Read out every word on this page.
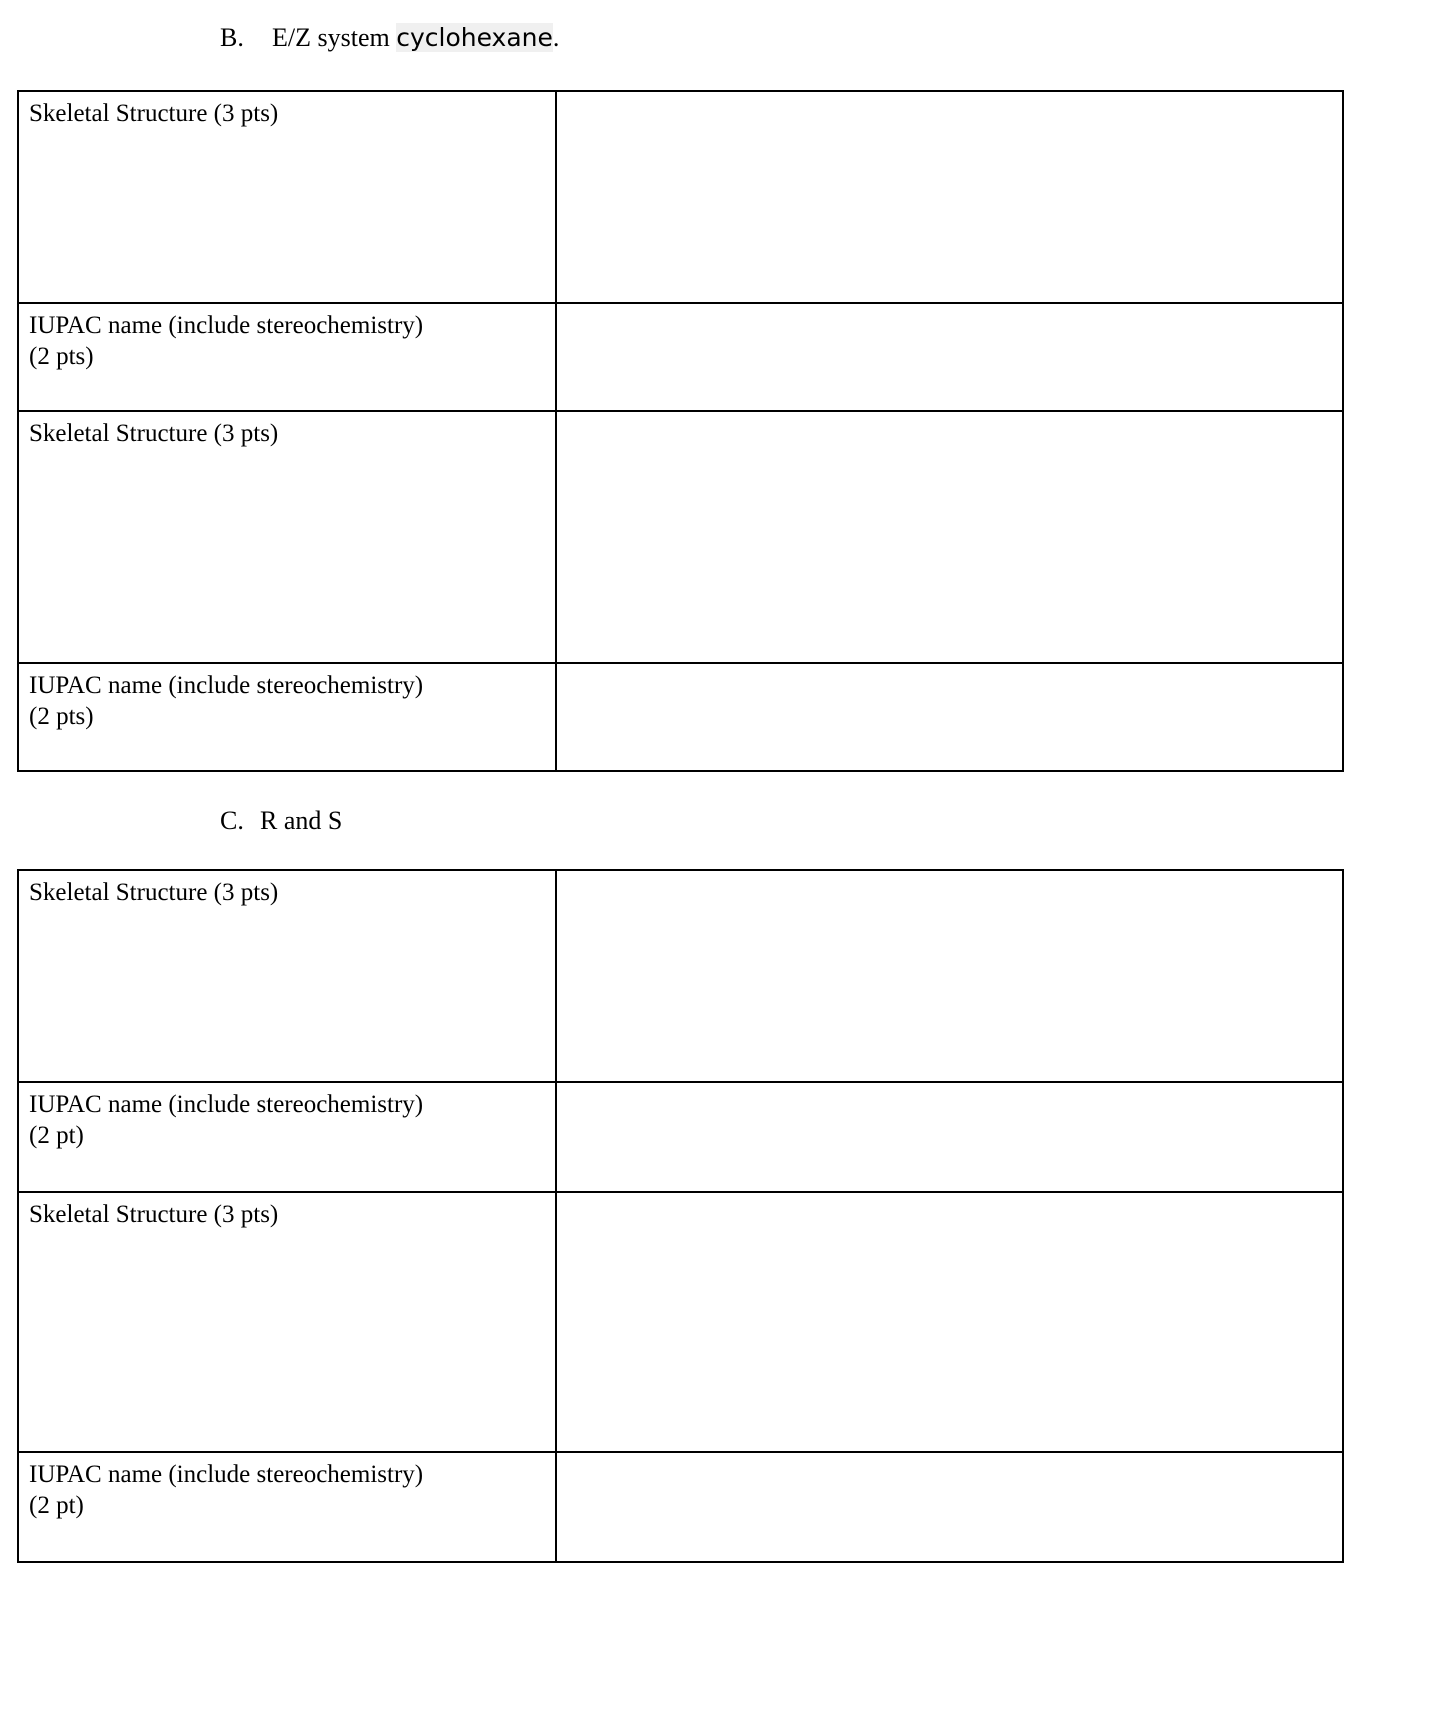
B. E/Z system cyclohexane.
Skeletal Structure (3 pts)	

IUPAC name (include stereochemistry)
(2 pts)	

Skeletal Structure (3 pts)	

IUPAC name (include stereochemistry)
(2 pts)	

C. R and S
Skeletal Structure (3 pts)	

IUPAC name (include stereochemistry)
(2 pt)	

Skeletal Structure (3 pts)	

IUPAC name (include stereochemistry)
(2 pt)	
